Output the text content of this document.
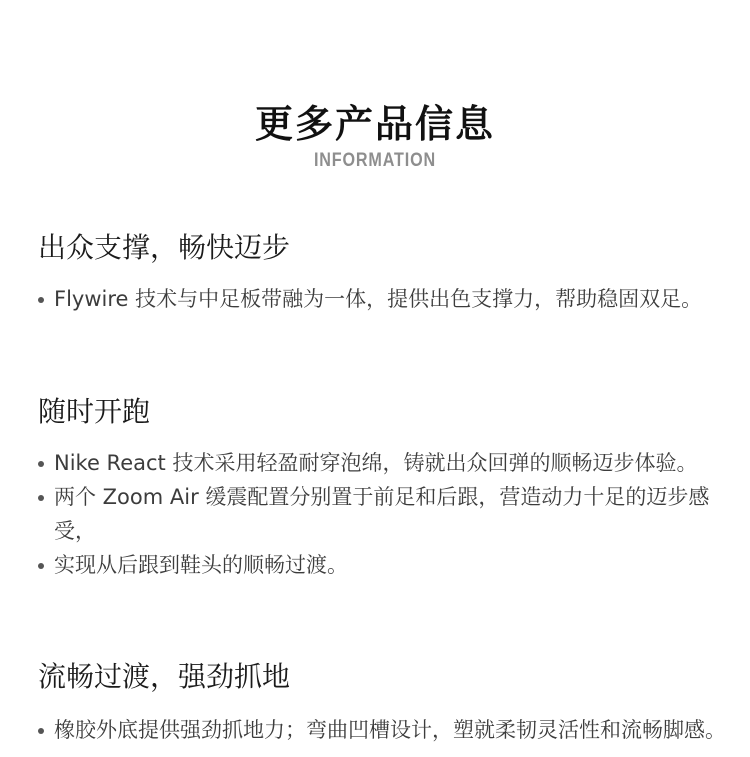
更多产品信息
INFORMATION
出众支撑，畅快迈步
Flywire 技术与中足板带融为一体，提供出色支撑力，帮助稳固双足。
随时开跑
Nike React 技术采用轻盈耐穿泡绵，铸就出众回弹的顺畅迈步体验。
两个 Zoom Air 缓震配置分别置于前足和后跟，营造动力十足的迈步感受，
实现从后跟到鞋头的顺畅过渡。
流畅过渡，强劲抓地
橡胶外底提供强劲抓地力；弯曲凹槽设计，塑就柔韧灵活性和流畅脚感。
